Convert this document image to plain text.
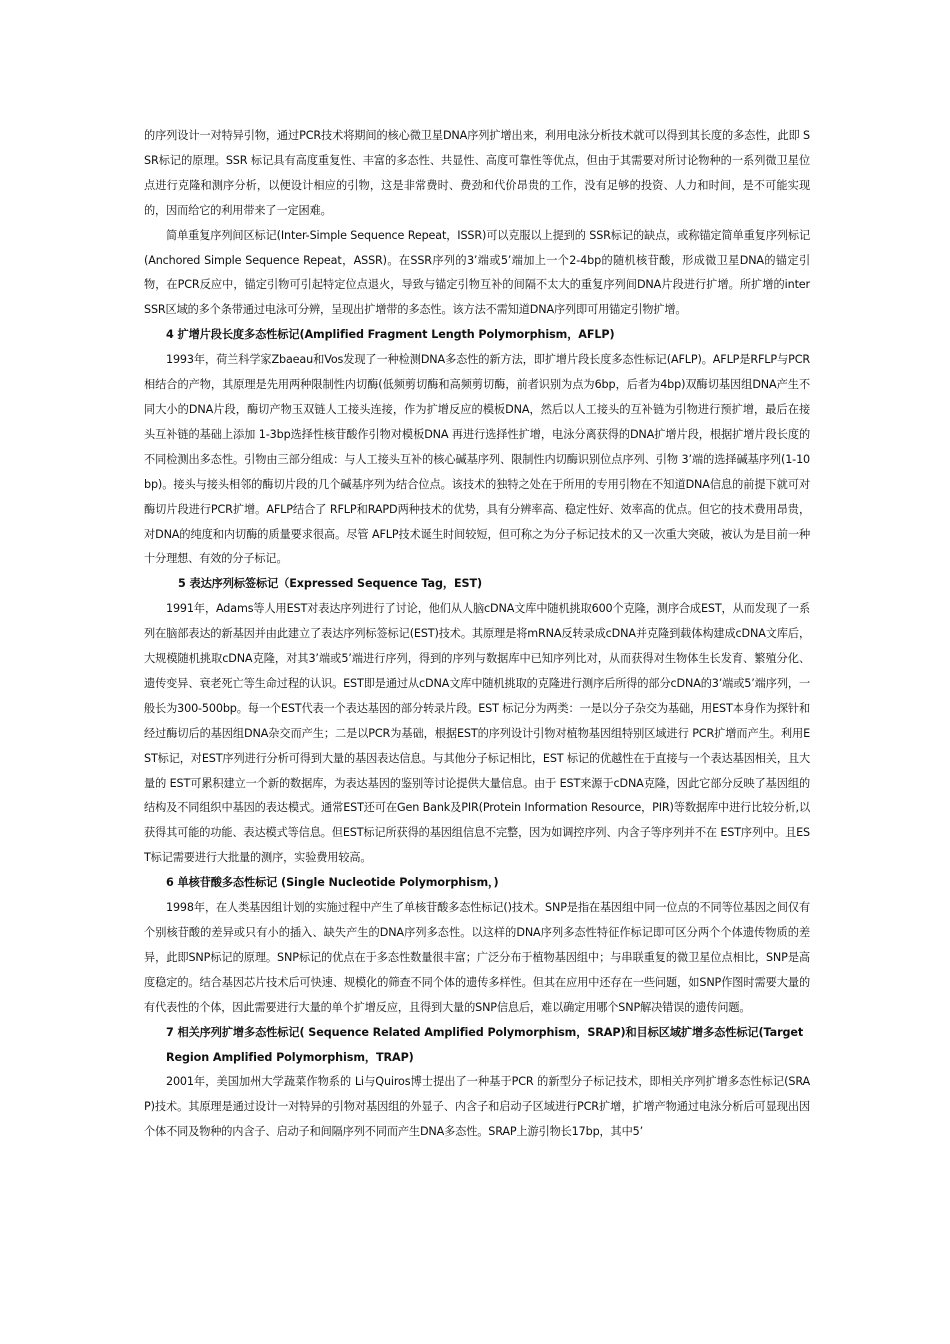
的序列设计一对特异引物，通过PCR技术将期间的核心微卫星DNA序列扩增出来，利用电泳分析技术就可以得到其长度的多态性，此即 SSR标记的原理。SSR 标记具有高度重复性、丰富的多态性、共显性、高度可靠性等优点，但由于其需要对所讨论物种的一系列微卫星位点进行克隆和测序分析，以便设计相应的引物，这是非常费时、费劲和代价昂贵的工作，没有足够的投资、人力和时间，是不可能实现的，因而给它的利用带来了一定困难。

简单重复序列间区标记(Inter-Simple Sequence Repeat，ISSR)可以克服以上提到的 SSR标记的缺点，或称锚定简单重复序列标记(Anchored Simple Sequence Repeat，ASSR)。在SSR序列的3’端或5’端加上一个2-4bp的随机核苷酸，形成微卫星DNA的锚定引物，在PCR反应中，锚定引物可引起特定位点退火，导致与锚定引物互补的间隔不太大的重复序列间DNA片段进行扩增。所扩增的inter SSR区域的多个条带通过电泳可分辨，呈现出扩增带的多态性。该方法不需知道DNA序列即可用锚定引物扩增。

4 扩增片段长度多态性标记(Amplified Fragment Length Polymorphism，AFLP)

1993年，荷兰科学家Zbaeau和Vos发现了一种检测DNA多态性的新方法，即扩增片段长度多态性标记(AFLP)。AFLP是RFLP与PCR相结合的产物，其原理是先用两种限制性内切酶(低频剪切酶和高频剪切酶，前者识别为点为6bp，后者为4bp)双酶切基因组DNA产生不同大小的DNA片段，酶切产物玉双链人工接头连接，作为扩增反应的模板DNA，然后以人工接头的互补链为引物进行预扩增，最后在接头互补链的基础上添加 1-3bp选择性核苷酸作引物对模板DNA 再进行选择性扩增，电泳分离获得的DNA扩增片段，根据扩增片段长度的不同检测出多态性。引物由三部分组成：与人工接头互补的核心碱基序列、限制性内切酶识别位点序列、引物 3’端的选择碱基序列(1-10bp)。接头与接头相邻的酶切片段的几个碱基序列为结合位点。该技术的独特之处在于所用的专用引物在不知道DNA信息的前提下就可对酶切片段进行PCR扩增。AFLP结合了 RFLP和RAPD两种技术的优势，具有分辨率高、稳定性好、效率高的优点。但它的技术费用昂贵，对DNA的纯度和内切酶的质量要求很高。尽管 AFLP技术诞生时间较短，但可称之为分子标记技术的又一次重大突破，被认为是目前一种十分理想、有效的分子标记。

5 表达序列标签标记（Expressed Sequence Tag，EST)

1991年，Adams等人用EST对表达序列进行了讨论，他们从人脑cDNA文库中随机挑取600个克隆，测序合成EST，从而发现了一系列在脑部表达的新基因并由此建立了表达序列标签标记(EST)技术。其原理是将mRNA反转录成cDNA并克隆到载体构建成cDNA文库后，大规模随机挑取cDNA克隆，对其3’端或5’端进行序列，得到的序列与数据库中已知序列比对，从而获得对生物体生长发育、繁殖分化、遗传变异、衰老死亡等生命过程的认识。EST即是通过从cDNA文库中随机挑取的克隆进行测序后所得的部分cDNA的3’端或5’端序列，一般长为300-500bp。每一个EST代表一个表达基因的部分转录片段。EST 标记分为两类：一是以分子杂交为基础，用EST本身作为探针和经过酶切后的基因组DNA杂交而产生；二是以PCR为基础，根据EST的序列设计引物对植物基因组特别区域进行 PCR扩增而产生。利用EST标记，对EST序列进行分析可得到大量的基因表达信息。与其他分子标记相比，EST 标记的优越性在于直接与一个表达基因相关，且大量的 EST可累积建立一个新的数据库，为表达基因的鉴别等讨论提供大量信息。由于 EST来源于cDNA克隆，因此它部分反映了基因组的结构及不同组织中基因的表达模式。通常EST还可在Gen Bank及PIR(Protein Information Resource，PIR)等数据库中进行比较分析,以获得其可能的功能、表达模式等信息。但EST标记所获得的基因组信息不完整，因为如调控序列、内含子等序列并不在 EST序列中。且EST标记需要进行大批量的测序，实验费用较高。

6 单核苷酸多态性标记 (Single Nucleotide Polymorphism，)

1998年，在人类基因组计划的实施过程中产生了单核苷酸多态性标记()技术。SNP是指在基因组中同一位点的不同等位基因之间仅有个别核苷酸的差异或只有小的插入、缺失产生的DNA序列多态性。以这样的DNA序列多态性特征作标记即可区分两个个体遗传物质的差异，此即SNP标记的原理。SNP标记的优点在于多态性数量很丰富；广泛分布于植物基因组中；与串联重复的微卫星位点相比，SNP是高度稳定的。结合基因芯片技术后可快速、规模化的筛查不同个体的遗传多样性。但其在应用中还存在一些问题，如SNP作图时需要大量的有代表性的个体，因此需要进行大量的单个扩增反应，且得到大量的SNP信息后，难以确定用哪个SNP解决错误的遗传问题。

7 相关序列扩增多态性标记( Sequence Related Amplified Polymorphism，SRAP)和目标区域扩增多态性标记(Target Region Amplified Polymorphism，TRAP)

2001年，美国加州大学蔬菜作物系的 Li与Quiros博士提出了一种基于PCR 的新型分子标记技术，即相关序列扩增多态性标记(SRAP)技术。其原理是通过设计一对特异的引物对基因组的外显子、内含子和启动子区域进行PCR扩增，扩增产物通过电泳分析后可显现出因个体不同及物种的内含子、启动子和间隔序列不同而产生DNA多态性。SRAP上游引物长17bp，其中5’
